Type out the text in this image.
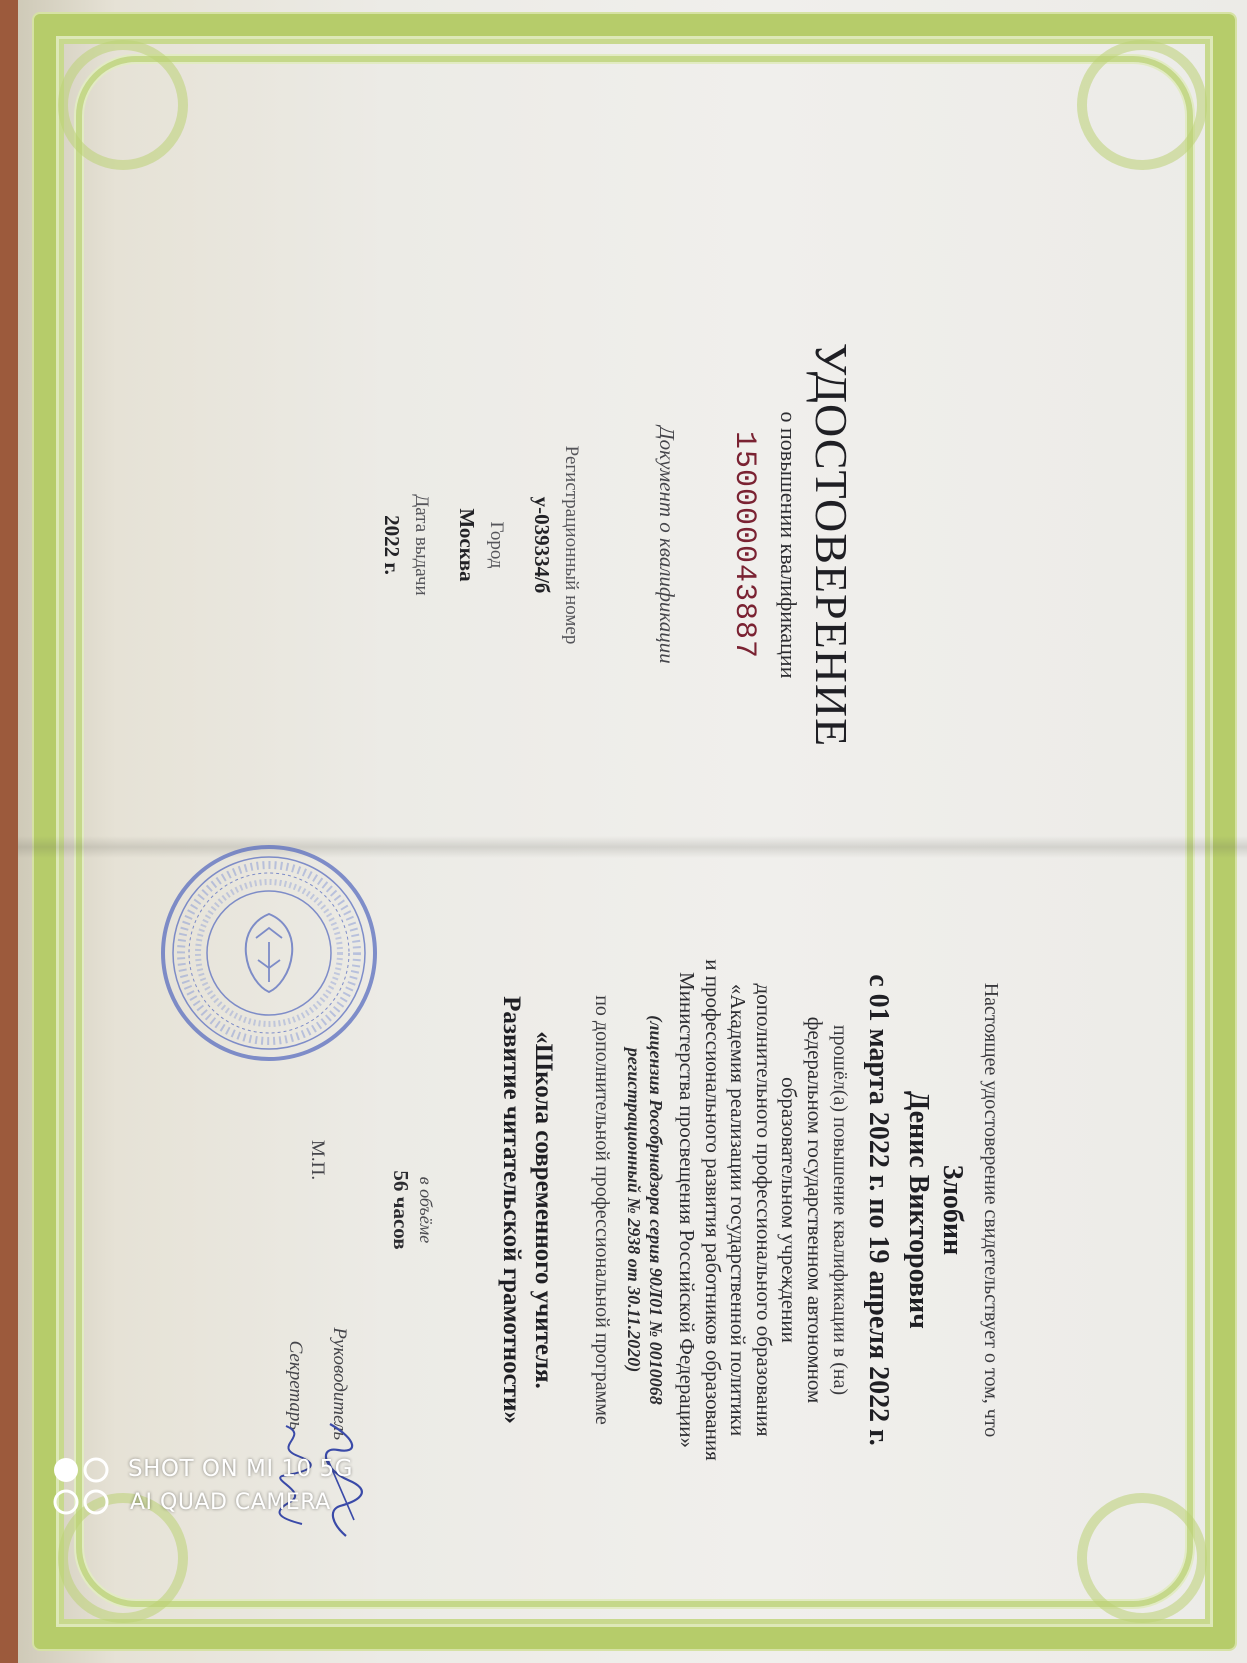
УДОСТОВЕРЕНИЕ
о повышении квалификации
150000043887
Документ о квалификации
Регистрационный номер
у-039334/б
Город
Москва
Дата выдачи
2022 г.
Настоящее удостоверение свидетельствует о том, что
Злобин
Денис Викторович
с 01 марта 2022 г. по 19 апреля 2022 г.
прошёл(а) повышение квалификации в (на)
федеральном государственном автономном
образовательном учреждении
дополнительного профессионального образования
«Академия реализации государственной политики
и профессионального развития работников образования
Министерства просвещения Российской Федерации»
(лицензия Рособрнадзора серия 90Л01 № 0010068
регистрационный № 2938 от 30.11.2020)
по дополнительной профессиональной программе
«Школа современного учителя.
Развитие читательской грамотности»
в объёме
56 часов
М.П.
Руководитель
Секретарь
SHOT ON MI 10 5G
AI QUAD CAMERA
